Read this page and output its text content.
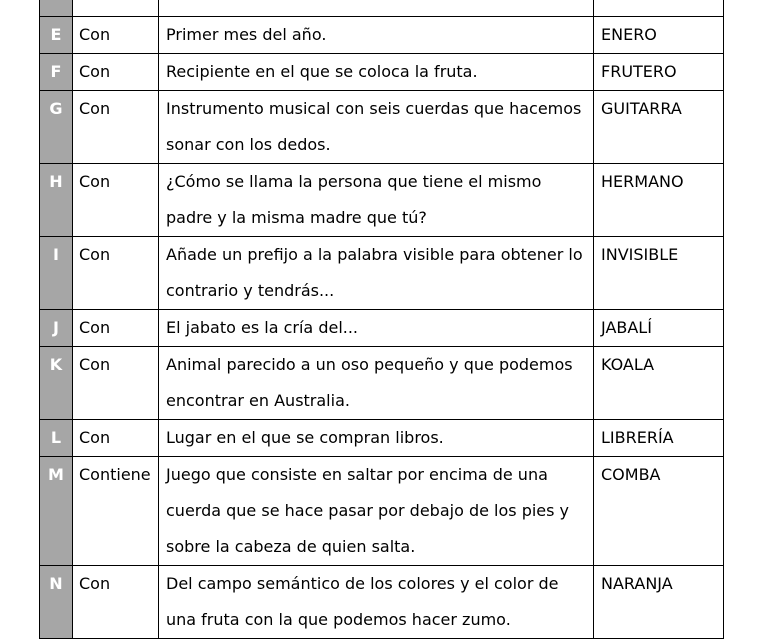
E	Con	Primer mes del año.	ENERO
F	Con	Recipiente en el que se coloca la fruta.	FRUTERO
G	Con	Instrumento musical con seis cuerdas que hacemos sonar con los dedos.	GUITARRA
H	Con	¿Cómo se llama la persona que tiene el mismo padre y la misma madre que tú?	HERMANO
I	Con	Añade un prefijo a la palabra visible para obtener lo contrario y tendrás...	INVISIBLE
J	Con	El jabato es la cría del...	JABALÍ
K	Con	Animal parecido a un oso pequeño y que podemos encontrar en Australia.	KOALA
L	Con	Lugar en el que se compran libros.	LIBRERÍA
M	Contiene	Juego que consiste en saltar por encima de una cuerda que se hace pasar por debajo de los pies y sobre la cabeza de quien salta.	COMBA
N	Con	Del campo semántico de los colores y el color de una fruta con la que podemos hacer zumo.	NARANJA
